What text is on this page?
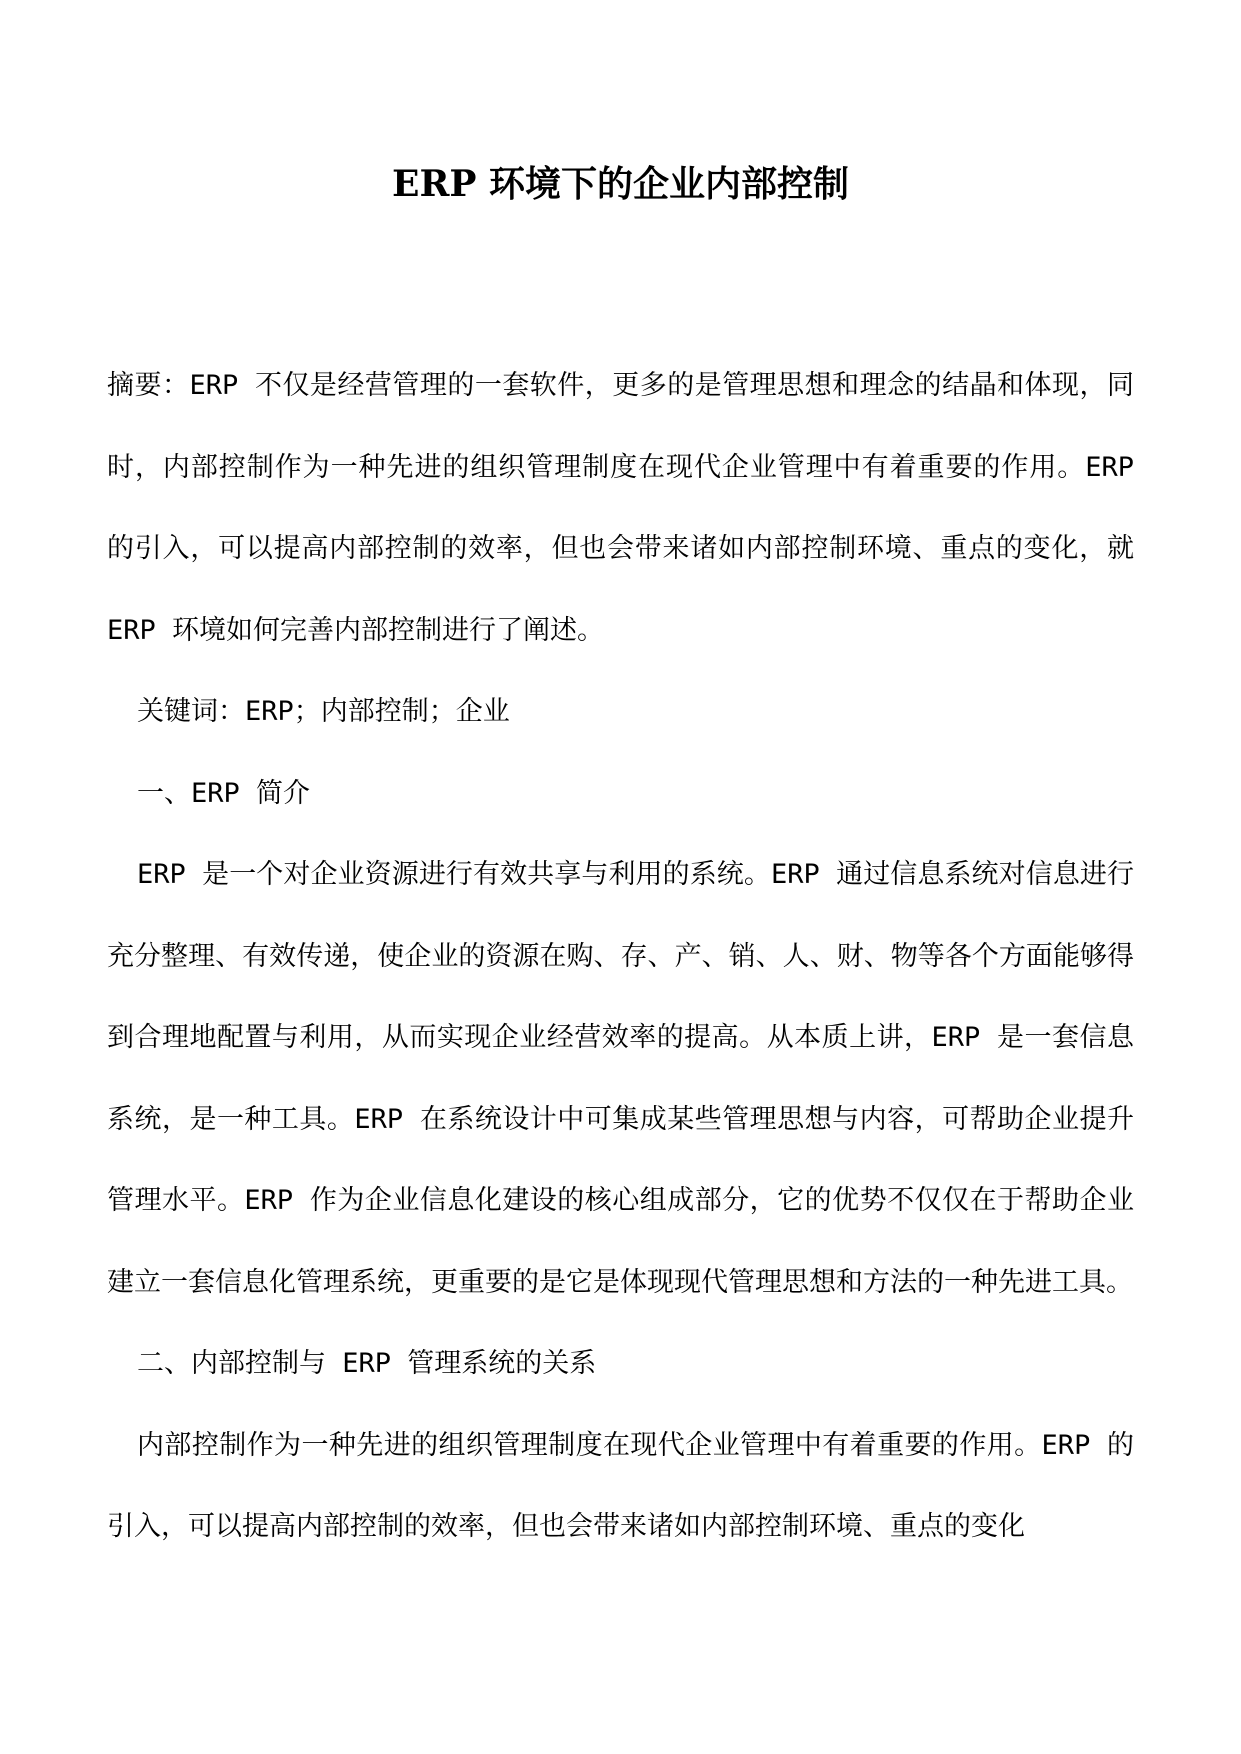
ERP 环境下的企业内部控制

摘要：ERP 不仅是经营管理的一套软件，更多的是管理思想和理念的结晶和体现，同时，内部控制作为一种先进的组织管理制度在现代企业管理中有着重要的作用。ERP 的引入，可以提高内部控制的效率，但也会带来诸如内部控制环境、重点的变化，就 ERP 环境如何完善内部控制进行了阐述。

关键词：ERP；内部控制；企业

一、ERP 简介

ERP 是一个对企业资源进行有效共享与利用的系统。ERP 通过信息系统对信息进行充分整理、有效传递，使企业的资源在购、存、产、销、人、财、物等各个方面能够得到合理地配置与利用，从而实现企业经营效率的提高。从本质上讲，ERP 是一套信息系统，是一种工具。ERP 在系统设计中可集成某些管理思想与内容，可帮助企业提升管理水平。ERP 作为企业信息化建设的核心组成部分，它的优势不仅仅在于帮助企业建立一套信息化管理系统，更重要的是它是体现现代管理思想和方法的一种先进工具。

二、内部控制与 ERP 管理系统的关系

内部控制作为一种先进的组织管理制度在现代企业管理中有着重要的作用。ERP 的引入，可以提高内部控制的效率，但也会带来诸如内部控制环境、重点的变化
